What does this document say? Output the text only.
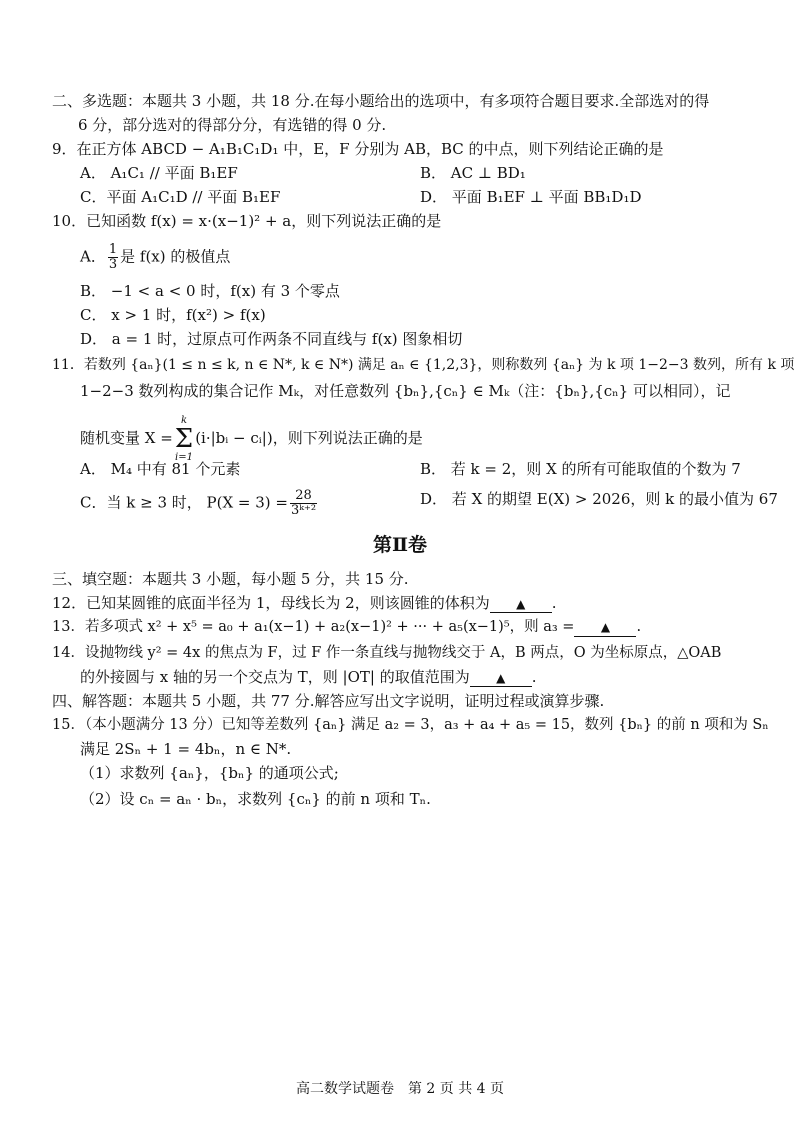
二、多选题：本题共 3 小题，共 18 分.在每小题给出的选项中，有多项符合题目要求.全部选对的得
6 分，部分选对的得部分分，有选错的得 0 分.
9．在正方体 ABCD − A₁B₁C₁D₁ 中，E，F 分别为 AB，BC 的中点，则下列结论正确的是
A． A₁C₁ // 平面 B₁EF	B． AC ⊥ BD₁
C．平面 A₁C₁D // 平面 B₁EF	D． 平面 B₁EF ⊥ 平面 BB₁D₁D
10．已知函数 f(x) = x·(x−1)² + a，则下列说法正确的是
A． $\frac{1}{3}$ 是 f(x) 的极值点
B． −1 < a < 0 时，f(x) 有 3 个零点
C． x > 1 时，f(x²) > f(x)
D． a = 1 时，过原点可作两条不同直线与 f(x) 图象相切
11．若数列 {aₙ}(1 ≤ n ≤ k, n ∈ N*, k ∈ N*) 满足 aₙ ∈ {1,2,3}，则称数列 {aₙ} 为 k 项 1−2−3 数列，所有 k 项
1−2−3 数列构成的集合记作 Mₖ，对任意数列 {bₙ},{cₙ} ∈ Mₖ（注：{bₙ},{cₙ} 可以相同），记
随机变量 X =
k
Σ
i=1
(i·|bᵢ − cᵢ|)，则下列说法正确的是
A． M₄ 中有 81 个元素	B． 若 k = 2，则 X 的所有可能取值的个数为 7
C．当 k ≥ 3 时， $P(X = 3) = \frac{28}{\text{3ᵏ⁺²}}$	D． 若 X 的期望 E(X) > 2026，则 k 的最小值为 67
第Ⅱ卷
三、填空题：本题共 3 小题，每小题 5 分，共 15 分.
12．已知某圆锥的底面半径为 1，母线长为 2，则该圆锥的体积为 ▲ .
13．若多项式 x² + x⁵ = a₀ + a₁(x−1) + a₂(x−1)² + ··· + a₅(x−1)⁵，则 a₃ = ▲ .
14．设抛物线 y² = 4x 的焦点为 F，过 F 作一条直线与抛物线交于 A，B 两点，O 为坐标原点，△OAB
的外接圆与 x 轴的另一个交点为 T，则 |OT| 的取值范围为 ▲ .
四、解答题：本题共 5 小题，共 77 分.解答应写出文字说明，证明过程或演算步骤.
15．（本小题满分 13 分）已知等差数列 {aₙ} 满足 a₂ = 3，a₃ + a₄ + a₅ = 15，数列 {bₙ} 的前 n 项和为 Sₙ
满足 2Sₙ + 1 = 4bₙ，n ∈ N*.
（1）求数列 {aₙ}，{bₙ} 的通项公式;
（2）设 cₙ = aₙ · bₙ，求数列 {cₙ} 的前 n 项和 Tₙ.
高二数学试题卷　第 2 页 共 4 页
